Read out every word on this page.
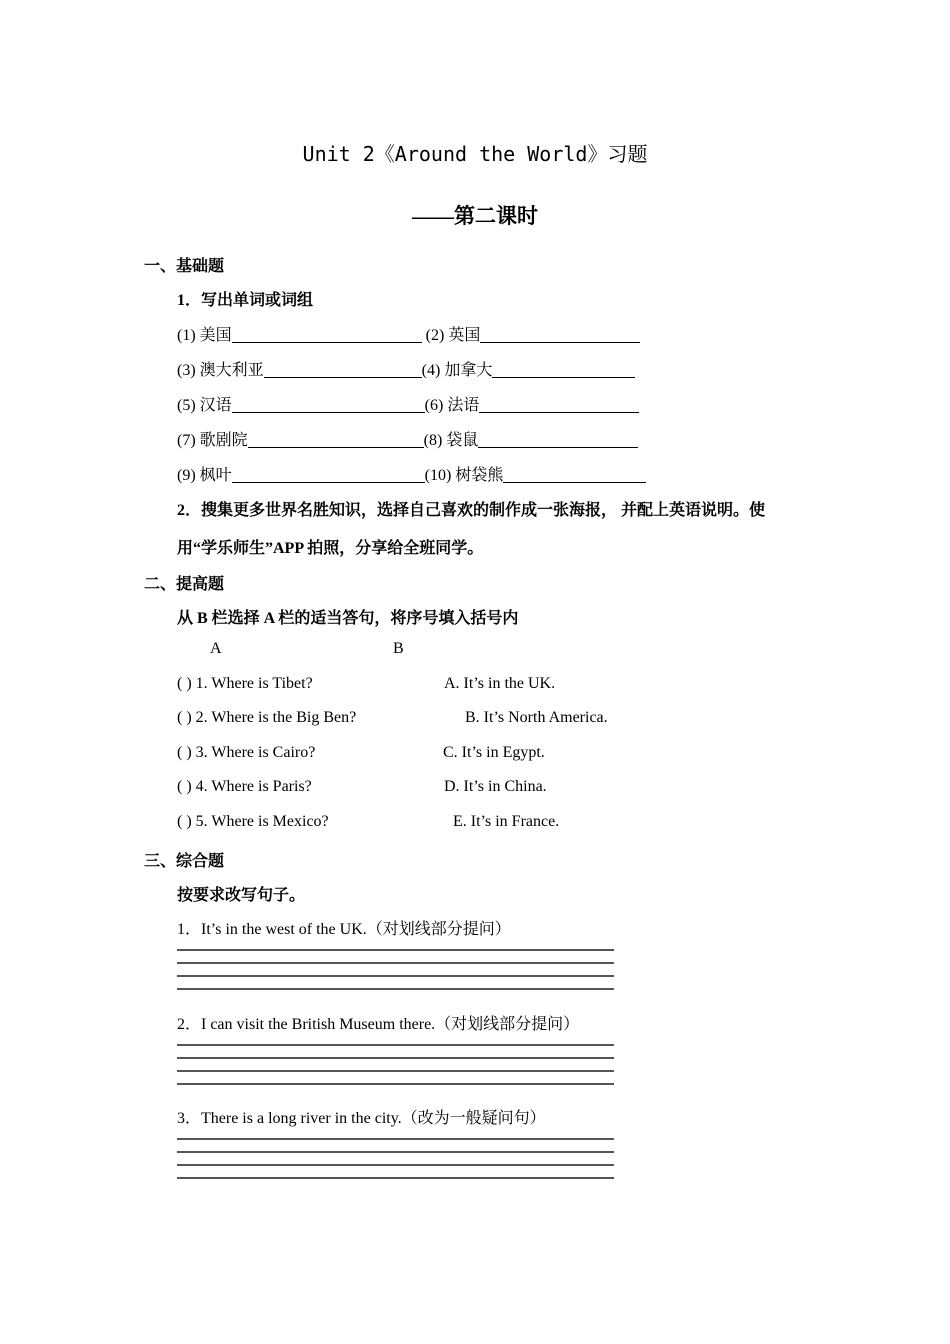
Unit 2《Around the World》习题
——第二课时
一、基础题
1．写出单词或词组
(1) 美国	(2) 英国
(3) 澳大利亚	(4) 加拿大
(5) 汉语	(6) 法语
(7) 歌剧院	(8) 袋鼠
(9) 枫叶	(10) 树袋熊
2．搜集更多世界名胜知识，选择自己喜欢的制作成一张海报， 并配上英语说明。使
用“学乐师生”APP 拍照，分享给全班同学。
二、提高题
从 B 栏选择 A 栏的适当答句，将序号填入括号内
A	B
( ) 1. Where is Tibet?	A. It’s in the UK.
( ) 2. Where is the Big Ben?	B. It’s North America.
( ) 3. Where is Cairo?	C. It’s in Egypt.
( ) 4. Where is Paris?	D. It’s in China.
( ) 5. Where is Mexico?	E. It’s in France.
三、综合题
按要求改写句子。
1．It’s in the west of the UK.（对划线部分提问）
2．I can visit the British Museum there.（对划线部分提问）
3．There is a long river in the city.（改为一般疑问句）
